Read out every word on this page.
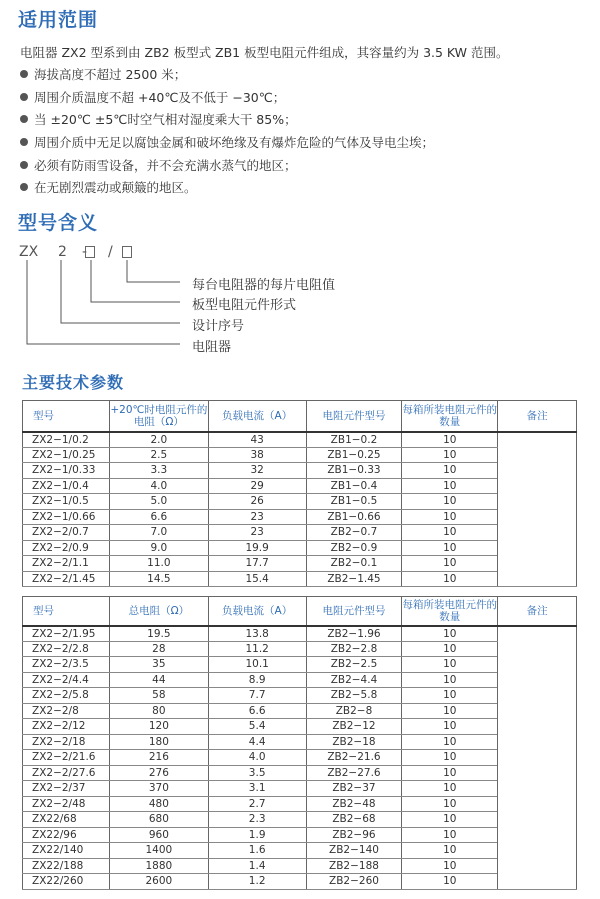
适用范围
电阻器 ZX2 型系到由 ZB2 板型式 ZB1 板型电阻元件组成，其容量约为 3.5 KW 范围。
海拔高度不超过 2500 米；
周围介质温度不超 +40℃及不低于 −30℃；
当 ±20℃ ±5℃时空气相对湿度乘大干 85%；
周围介质中无足以腐蚀金属和破坏绝缘及有爆炸危险的气体及导电尘埃；
必须有防雨雪设备，并不会充满水蒸气的地区；
在无剧烈震动或颠簸的地区。
型号含义
ZX 2 - /
每台电阻器的每片电阻值
板型电阻元件形式
设计序号
电阻器
主要技术参数
型号	+20℃时电阻元件的电阻（Ω）	负载电流（A）	电阻元件型号	每箱所装电阻元件的数量	备注
ZX2−1/0.2	2.0	43	ZB1−0.2	10	
ZX2−1/0.25	2.5	38	ZB1−0.25	10	
ZX2−1/0.33	3.3	32	ZB1−0.33	10	
ZX2−1/0.4	4.0	29	ZB1−0.4	10	
ZX2−1/0.5	5.0	26	ZB1−0.5	10	
ZX2−1/0.66	6.6	23	ZB1−0.66	10	
ZX2−2/0.7	7.0	23	ZB2−0.7	10	
ZX2−2/0.9	9.0	19.9	ZB2−0.9	10	
ZX2−2/1.1	11.0	17.7	ZB2−0.1	10	
ZX2−2/1.45	14.5	15.4	ZB2−1.45	10	
型号	总电阻（Ω）	负载电流（A）	电阻元件型号	每箱所装电阻元件的数量	备注
ZX2−2/1.95	19.5	13.8	ZB2−1.96	10	
ZX2−2/2.8	28	11.2	ZB2−2.8	10	
ZX2−2/3.5	35	10.1	ZB2−2.5	10	
ZX2−2/4.4	44	8.9	ZB2−4.4	10	
ZX2−2/5.8	58	7.7	ZB2−5.8	10	
ZX2−2/8	80	6.6	ZB2−8	10	
ZX2−2/12	120	5.4	ZB2−12	10	
ZX2−2/18	180	4.4	ZB2−18	10	
ZX2−2/21.6	216	4.0	ZB2−21.6	10	
ZX2−2/27.6	276	3.5	ZB2−27.6	10	
ZX2−2/37	370	3.1	ZB2−37	10	
ZX2−2/48	480	2.7	ZB2−48	10	
ZX22/68	680	2.3	ZB2−68	10	
ZX22/96	960	1.9	ZB2−96	10	
ZX22/140	1400	1.6	ZB2−140	10	
ZX22/188	1880	1.4	ZB2−188	10	
ZX22/260	2600	1.2	ZB2−260	10	
